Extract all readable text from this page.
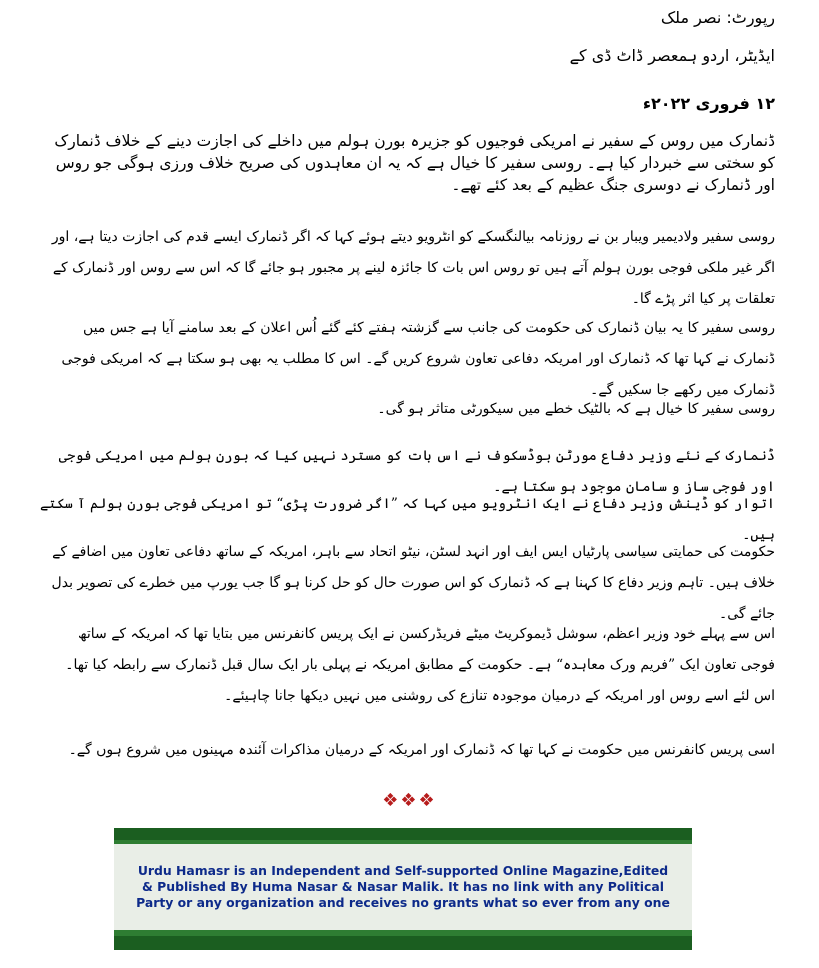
رپورٹ: نصر ملک
ایڈیٹر، اردو ہمعصر ڈاٹ ڈی کے
۱۲ فروری ۲۰۲۲ء
ڈنمارک میں روس کے سفیر نے امریکی فوجیوں کو جزیرہ بورن ہولم میں داخلے کی اجازت دینے کے خلاف ڈنمارک کو سختی سے خبردار کیا ہے۔ روسی سفیر کا خیال ہے کہ یہ ان معاہدوں کی صریح خلاف ورزی ہوگی جو روس اور ڈنمارک نے دوسری جنگ عظیم کے بعد کئے تھے۔
روسی سفیر ولادیمیر ویبار بن نے روزنامہ بیالنگسکے کو انٹرویو دیتے ہوئے کہا کہ اگر ڈنمارک ایسے قدم کی اجازت دیتا ہے، اور اگر غیر ملکی فوجی بورن ہولم آتے ہیں تو روس اس بات کا جائزہ لینے پر مجبور ہو جائے گا کہ اس سے روس اور ڈنمارک کے تعلقات پر کیا اثر پڑے گا۔
روسی سفیر کا یہ بیان ڈنمارک کی حکومت کی جانب سے گزشتہ ہفتے کئے گئے اُس اعلان کے بعد سامنے آیا ہے جس میں ڈنمارک نے کہا تھا کہ ڈنمارک اور امریکہ دفاعی تعاون شروع کریں گے۔ اس کا مطلب یہ بھی ہو سکتا ہے کہ امریکی فوجی ڈنمارک میں رکھے جا سکیں گے۔
روسی سفیر کا خیال ہے کہ بالٹیک خطے میں سیکورٹی متاثر ہو گی۔
ڈنمارک کے نئے وزیر دفاع مورٹن بوڈسکوف نے اس بات کو مسترد نہیں کیا کہ بورن ہولم میں امریکی فوجی اور فوجی ساز و سامان موجود ہو سکتا ہے۔
اتوار کو ڈینش وزیر دفاع نے ایک انٹرویو میں کہا کہ ”اگر ضرورت پڑی“ تو امریکی فوجی بورن ہولم آ سکتے ہیں۔
حکومت کی حمایتی سیاسی پارٹیاں ایس ایف اور انہد لسٹن، نیٹو اتحاد سے باہر، امریکہ کے ساتھ دفاعی تعاون میں اضافے کے خلاف ہیں۔ تاہم وزیر دفاع کا کہنا ہے کہ ڈنمارک کو اس صورت حال کو حل کرنا ہو گا جب یورپ میں خطرے کی تصویر بدل جائے گی۔
اس سے پہلے خود وزیر اعظم، سوشل ڈیموکریٹ میٹے فریڈرکسن نے ایک پریس کانفرنس میں بتایا تھا کہ امریکہ کے ساتھ فوجی تعاون ایک ”فریم ورک معاہدہ“ ہے۔ حکومت کے مطابق امریکہ نے پہلی بار ایک سال قبل ڈنمارک سے رابطہ کیا تھا۔ اس لئے اسے روس اور امریکہ کے درمیان موجودہ تنازع کی روشنی میں نہیں دیکھا جانا چاہیئے۔
اسی پریس کانفرنس میں حکومت نے کہا تھا کہ ڈنمارک اور امریکہ کے درمیان مذاکرات آئندہ مہینوں میں شروع ہوں گے۔
❖❖❖
Urdu Hamasr is an Independent and Self-supported Online Magazine,Edited & Published By Huma Nasar & Nasar Malik. It has no link with any Political Party or any organization and receives no grants what so ever from any one
